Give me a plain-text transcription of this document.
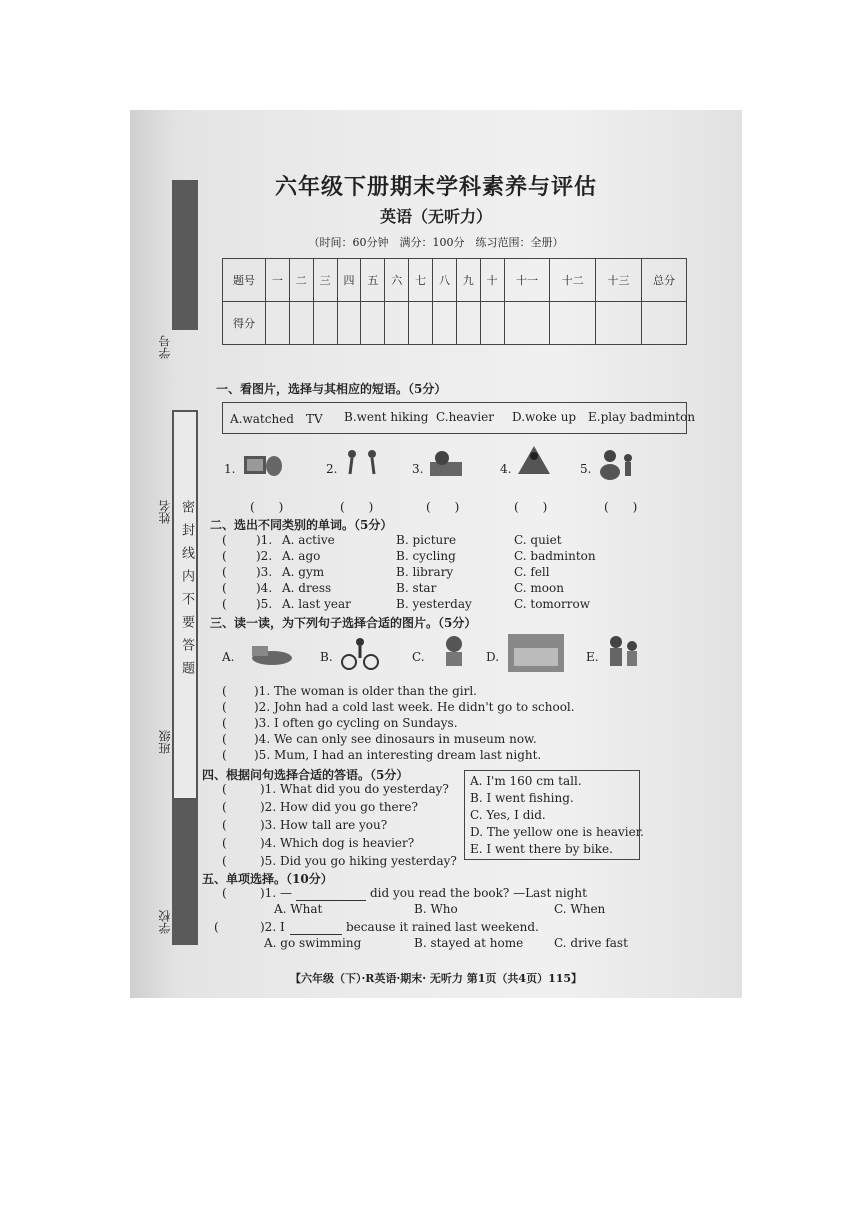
密封线内不要答题
学号
姓名
班级
学校
六年级下册期末学科素养与评估
英语（无听力）
（时间：60分钟　满分：100分　练习范围：全册）
题号	一	二	三	四	五	六	七	八	九	十	十一	十二	十三	总分
得分														
一、看图片，选择与其相应的短语。（5分）
A.watched　TV B.went hiking C.heavier D.woke up E.play badminton
1.	2.	3.	4.	5.
(　　)	(　　)	(　　)	(　　)	(　　)
二、选出不同类别的单词。（5分）
( )1. A. active	B. picture	C. quiet
( )2. A. ago	B. cycling	C. badminton
( )3. A. gym	B. library	C. fell
( )4. A. dress	B. star	C. moon
( )5. A. last year	B. yesterday	C. tomorrow
三、读一读，为下列句子选择合适的图片。（5分）
A.	B.	C.	D.	E.
( )1. The woman is older than the girl.
( )2. John had a cold last week. He didn't go to school.
( )3. I often go cycling on Sundays.
( )4. We can only see dinosaurs in museum now.
( )5. Mum, I had an interesting dream last night.
四、根据问句选择合适的答语。（5分）
(	)1. What did you do yesterday?
(	)2. How did you go there?
(	)3. How tall are you?
(	)4. Which dog is heavier?
(	)5. Did you go hiking yesterday?
A. I'm 160 cm tall.
B. I went fishing.
C. Yes, I did.
D. The yellow one is heavier.
E. I went there by bike.
五、单项选择。（10分）
(	)1. —	did you read the book? —Last night
A. What	B. Who	C. When
(	)2. I	because it rained last weekend.
A. go swimming	B. stayed at home	C. drive fast
【六年级（下）·R英语·期末· 无听力 第1页（共4页）115】
